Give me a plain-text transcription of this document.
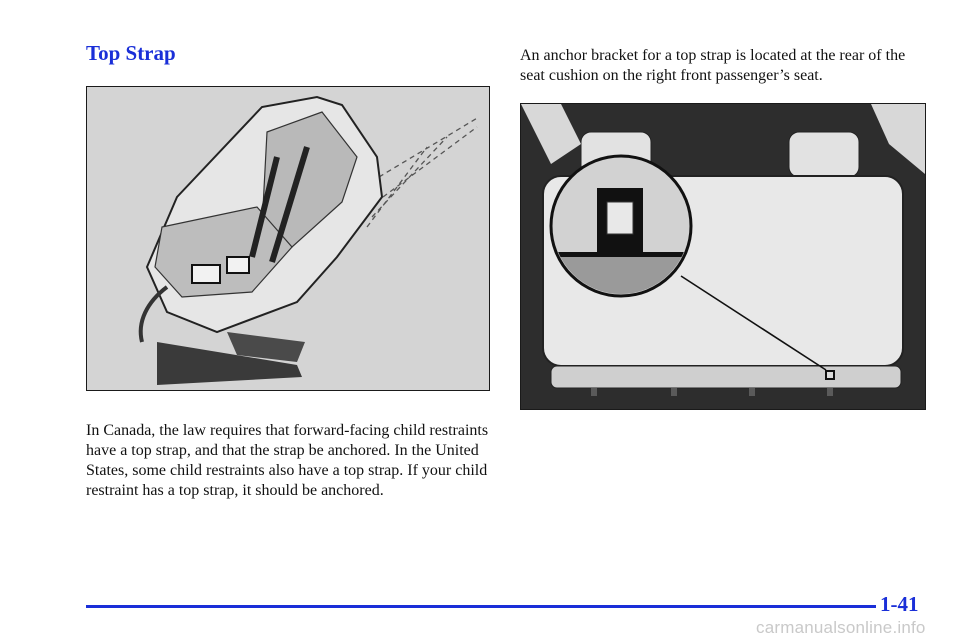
Top Strap

In Canada, the law requires that forward-facing child restraints have a top strap, and that the strap be anchored. In the United States, some child restraints also have a top strap. If your child restraint has a top strap, it should be anchored.

An anchor bracket for a top strap is located at the rear of the seat cushion on the right front passenger’s seat.

1-41
carmanualsonline.info
